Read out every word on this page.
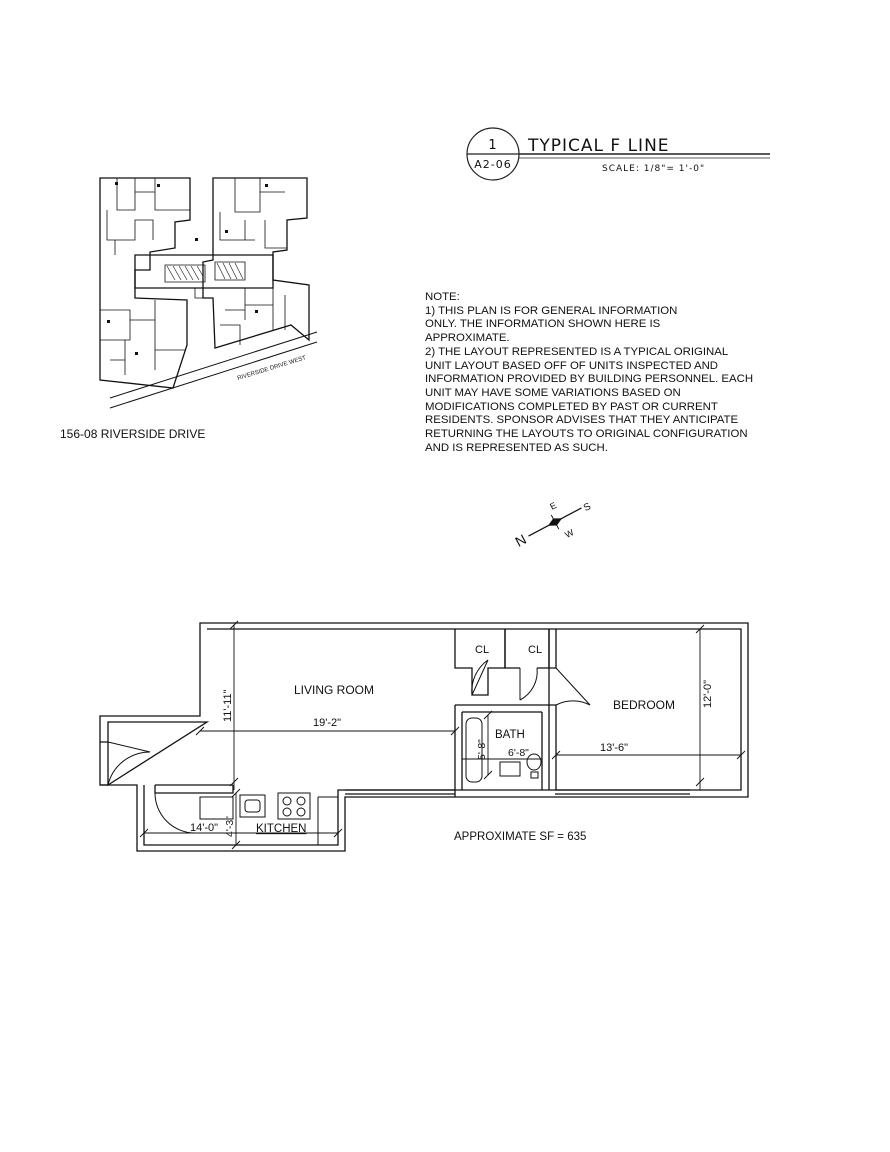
1
A2-06
TYPICAL F LINE
SCALE: 1/8"= 1'-0"
RIVERSIDE DRIVE WEST
156-08 RIVERSIDE DRIVE
NOTE:
1) THIS PLAN IS FOR GENERAL INFORMATION
ONLY. THE INFORMATION SHOWN HERE IS
APPROXIMATE.
2) THE LAYOUT REPRESENTED IS A TYPICAL ORIGINAL
UNIT LAYOUT BASED OFF OF UNITS INSPECTED AND
INFORMATION PROVIDED BY BUILDING PERSONNEL. EACH
UNIT MAY HAVE SOME VARIATIONS BASED ON
MODIFICATIONS COMPLETED BY PAST OR CURRENT
RESIDENTS. SPONSOR ADVISES THAT THEY ANTICIPATE
RETURNING THE LAYOUTS TO ORIGINAL CONFIGURATION
AND IS REPRESENTED AS SUCH.
N
S
E
W
LIVING ROOM
BEDROOM
BATH
KITCHEN
CL	CL
19'-2"
11'-11"
13'-6"
12'-0"
6'-8"
5'-8"
14'-0" 4'-3"	APPROXIMATE SF = 635
